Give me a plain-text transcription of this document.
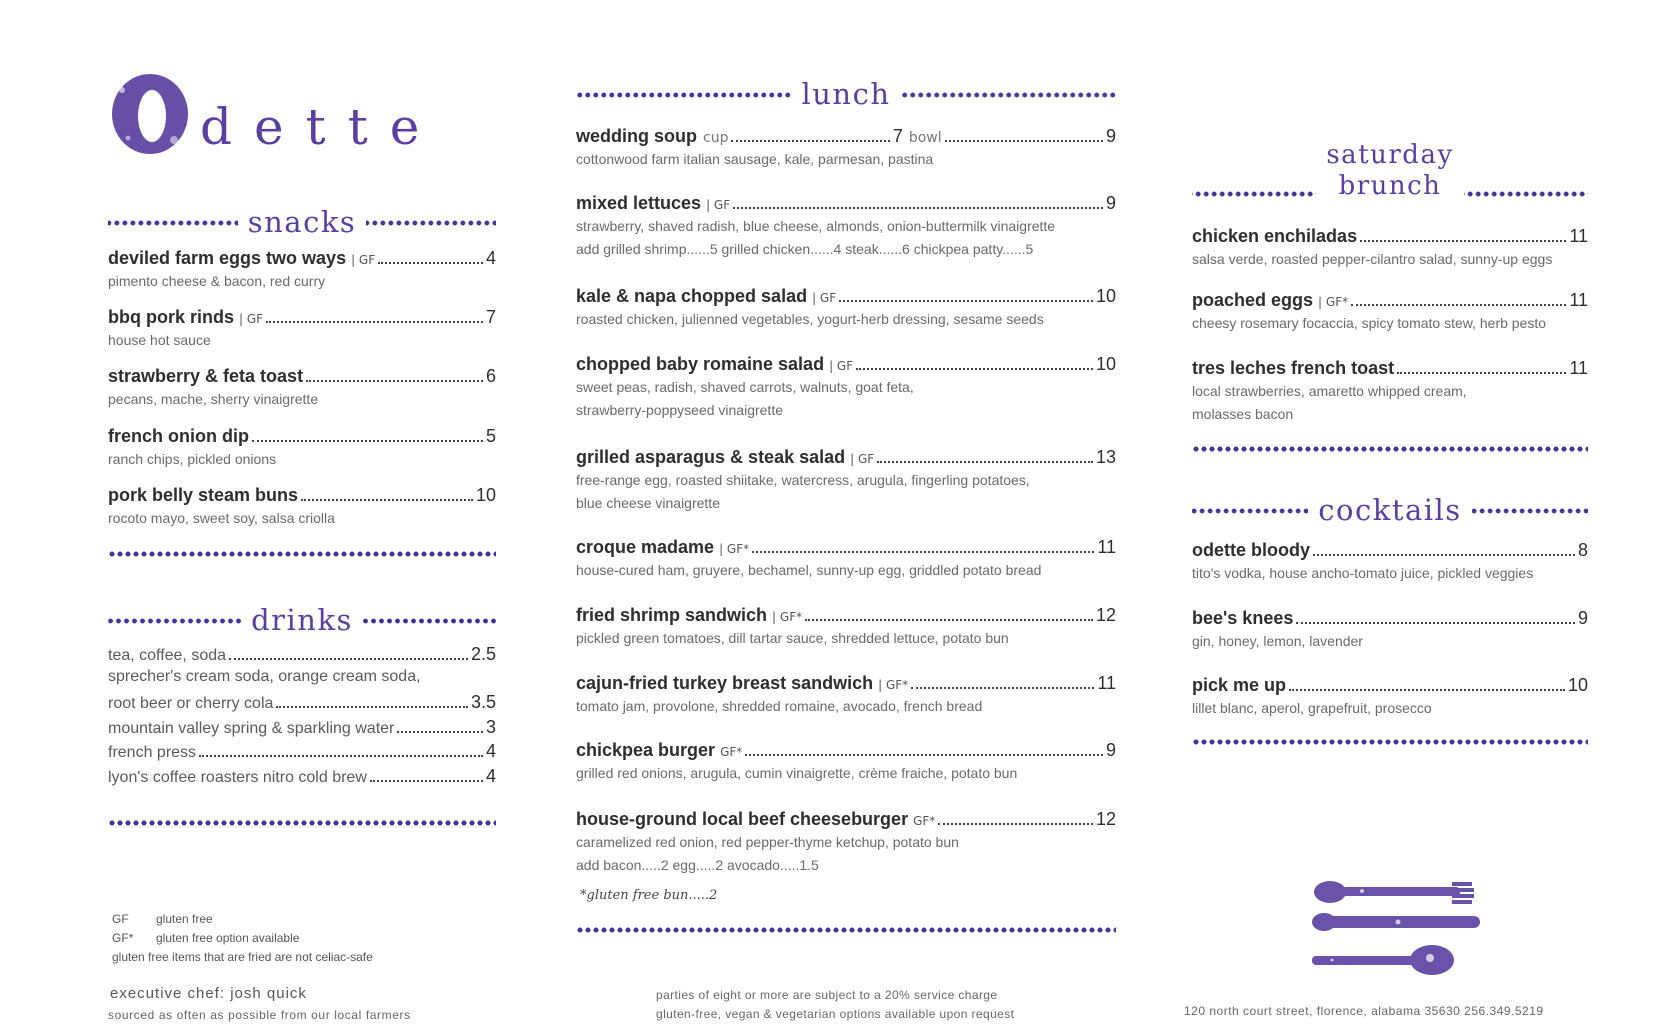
dette
snacks
deviled farm eggs two ways | GF	4
pimento cheese & bacon, red curry
bbq pork rinds | GF	7
house hot sauce
strawberry & feta toast	6
pecans, mache, sherry vinaigrette
french onion dip	5
ranch chips, pickled onions
pork belly steam buns	10
rocoto mayo, sweet soy, salsa criolla
drinks
tea, coffee, soda	2.5
sprecher's cream soda, orange cream soda,
root beer or cherry cola	3.5
mountain valley spring & sparkling water	3
french press	4
lyon's coffee roasters nitro cold brew	4
GF gluten free
GF* gluten free option available
gluten free items that are fried are not celiac-safe
executive chef: josh quick
sourced as often as possible from our local farmers
lunch
wedding soup cup	7 bowl	9
cottonwood farm italian sausage, kale, parmesan, pastina
mixed lettuces | GF	9
strawberry, shaved radish, blue cheese, almonds, onion-buttermilk vinaigrette
add grilled shrimp......5 grilled chicken......4 steak......6 chickpea patty......5
kale & napa chopped salad | GF	10
roasted chicken, julienned vegetables, yogurt-herb dressing, sesame seeds
chopped baby romaine salad | GF	10
sweet peas, radish, shaved carrots, walnuts, goat feta,
strawberry-poppyseed vinaigrette
grilled asparagus & steak salad | GF	13
free-range egg, roasted shiitake, watercress, arugula, fingerling potatoes,
blue cheese vinaigrette
croque madame | GF*	11
house-cured ham, gruyere, bechamel, sunny-up egg, griddled potato bread
fried shrimp sandwich | GF*	12
pickled green tomatoes, dill tartar sauce, shredded lettuce, potato bun
cajun-fried turkey breast sandwich | GF*	11
tomato jam, provolone, shredded romaine, avocado, french bread
chickpea burger GF*	9
grilled red onions, arugula, cumin vinaigrette, crème fraiche, potato bun
house-ground local beef cheeseburger GF*	12
caramelized red onion, red pepper-thyme ketchup, potato bun
add bacon.....2 egg.....2 avocado.....1.5
*gluten free bun.....2
parties of eight or more are subject to a 20% service charge
gluten-free, vegan & vegetarian options available upon request
saturday
brunch
chicken enchiladas	11
salsa verde, roasted pepper-cilantro salad, sunny-up eggs
poached eggs | GF*	11
cheesy rosemary focaccia, spicy tomato stew, herb pesto
tres leches french toast	11
local strawberries, amaretto whipped cream,
molasses bacon
cocktails
odette bloody	8
tito's vodka, house ancho-tomato juice, pickled veggies
bee's knees	9
gin, honey, lemon, lavender
pick me up	10
lillet blanc, aperol, grapefruit, prosecco
120 north court street, florence, alabama 35630 256.349.5219
